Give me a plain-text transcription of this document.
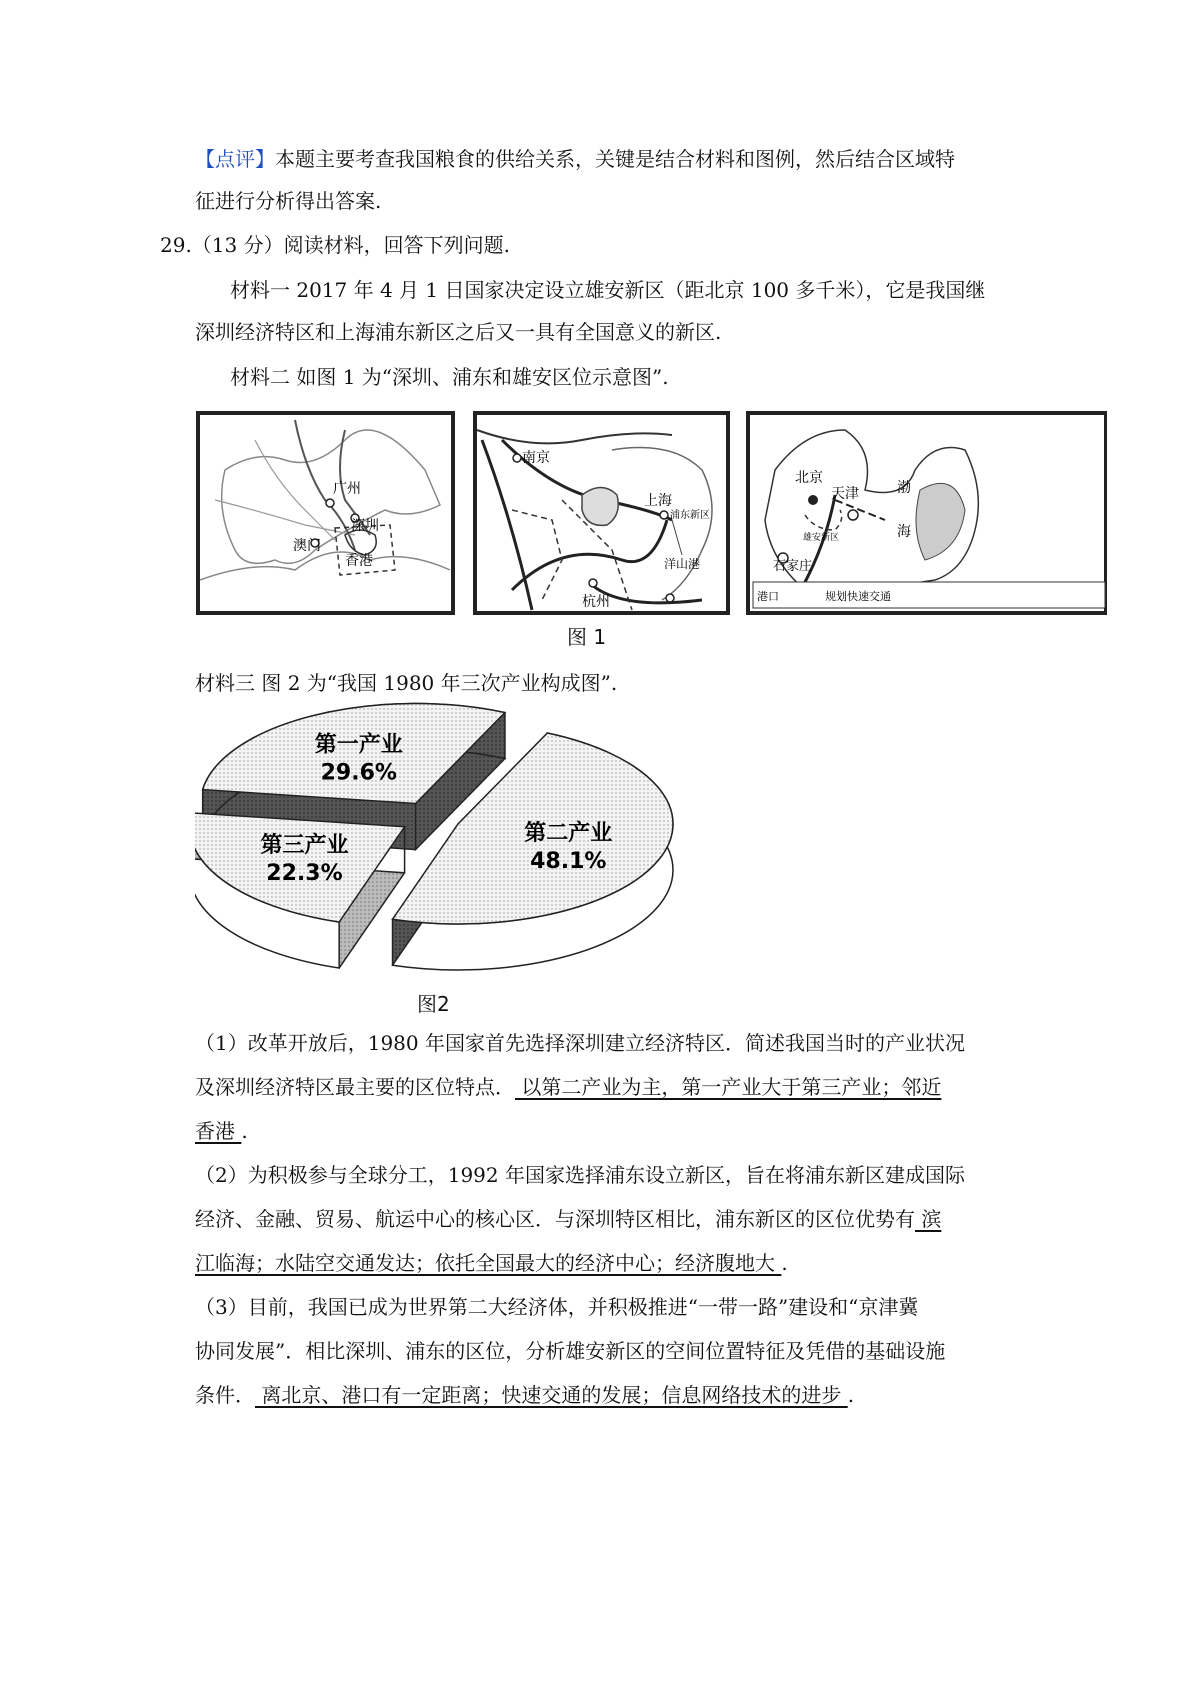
【点评】本题主要考查我国粮食的供给关系，关键是结合材料和图例，然后结合区域特
征进行分析得出答案.
29.（13 分）阅读材料，回答下列问题.
材料一 2017 年 4 月 1 日国家决定设立雄安新区（距北京 100 多千米），它是我国继
深圳经济特区和上海浦东新区之后又一具有全国意义的新区.
材料二 如图 1 为“深圳、浦东和雄安区位示意图”.
广州
深圳
澳门
香港
南京
上海
浦东新区
洋山港
杭州
北京
天津	渤
海
雄安新区
石家庄
港口	规划快速交通
图 1
材料三 图 2 为“我国 1980 年三次产业构成图”.
第一产业
29.6%
第二产业
48.1%
第三产业
22.3%
图2
（1）改革开放后，1980 年国家首先选择深圳建立经济特区．简述我国当时的产业状况
及深圳经济特区最主要的区位特点． 以第二产业为主，第一产业大于第三产业；邻近
香港 .
（2）为积极参与全球分工，1992 年国家选择浦东设立新区，旨在将浦东新区建成国际
经济、金融、贸易、航运中心的核心区．与深圳特区相比，浦东新区的区位优势有 滨
江临海；水陆空交通发达；依托全国最大的经济中心；经济腹地大 .
（3）目前，我国已成为世界第二大经济体，并积极推进“一带一路”建设和“京津冀
协同发展”．相比深圳、浦东的区位，分析雄安新区的空间位置特征及凭借的基础设施
条件． 离北京、港口有一定距离；快速交通的发展；信息网络技术的进步 .
